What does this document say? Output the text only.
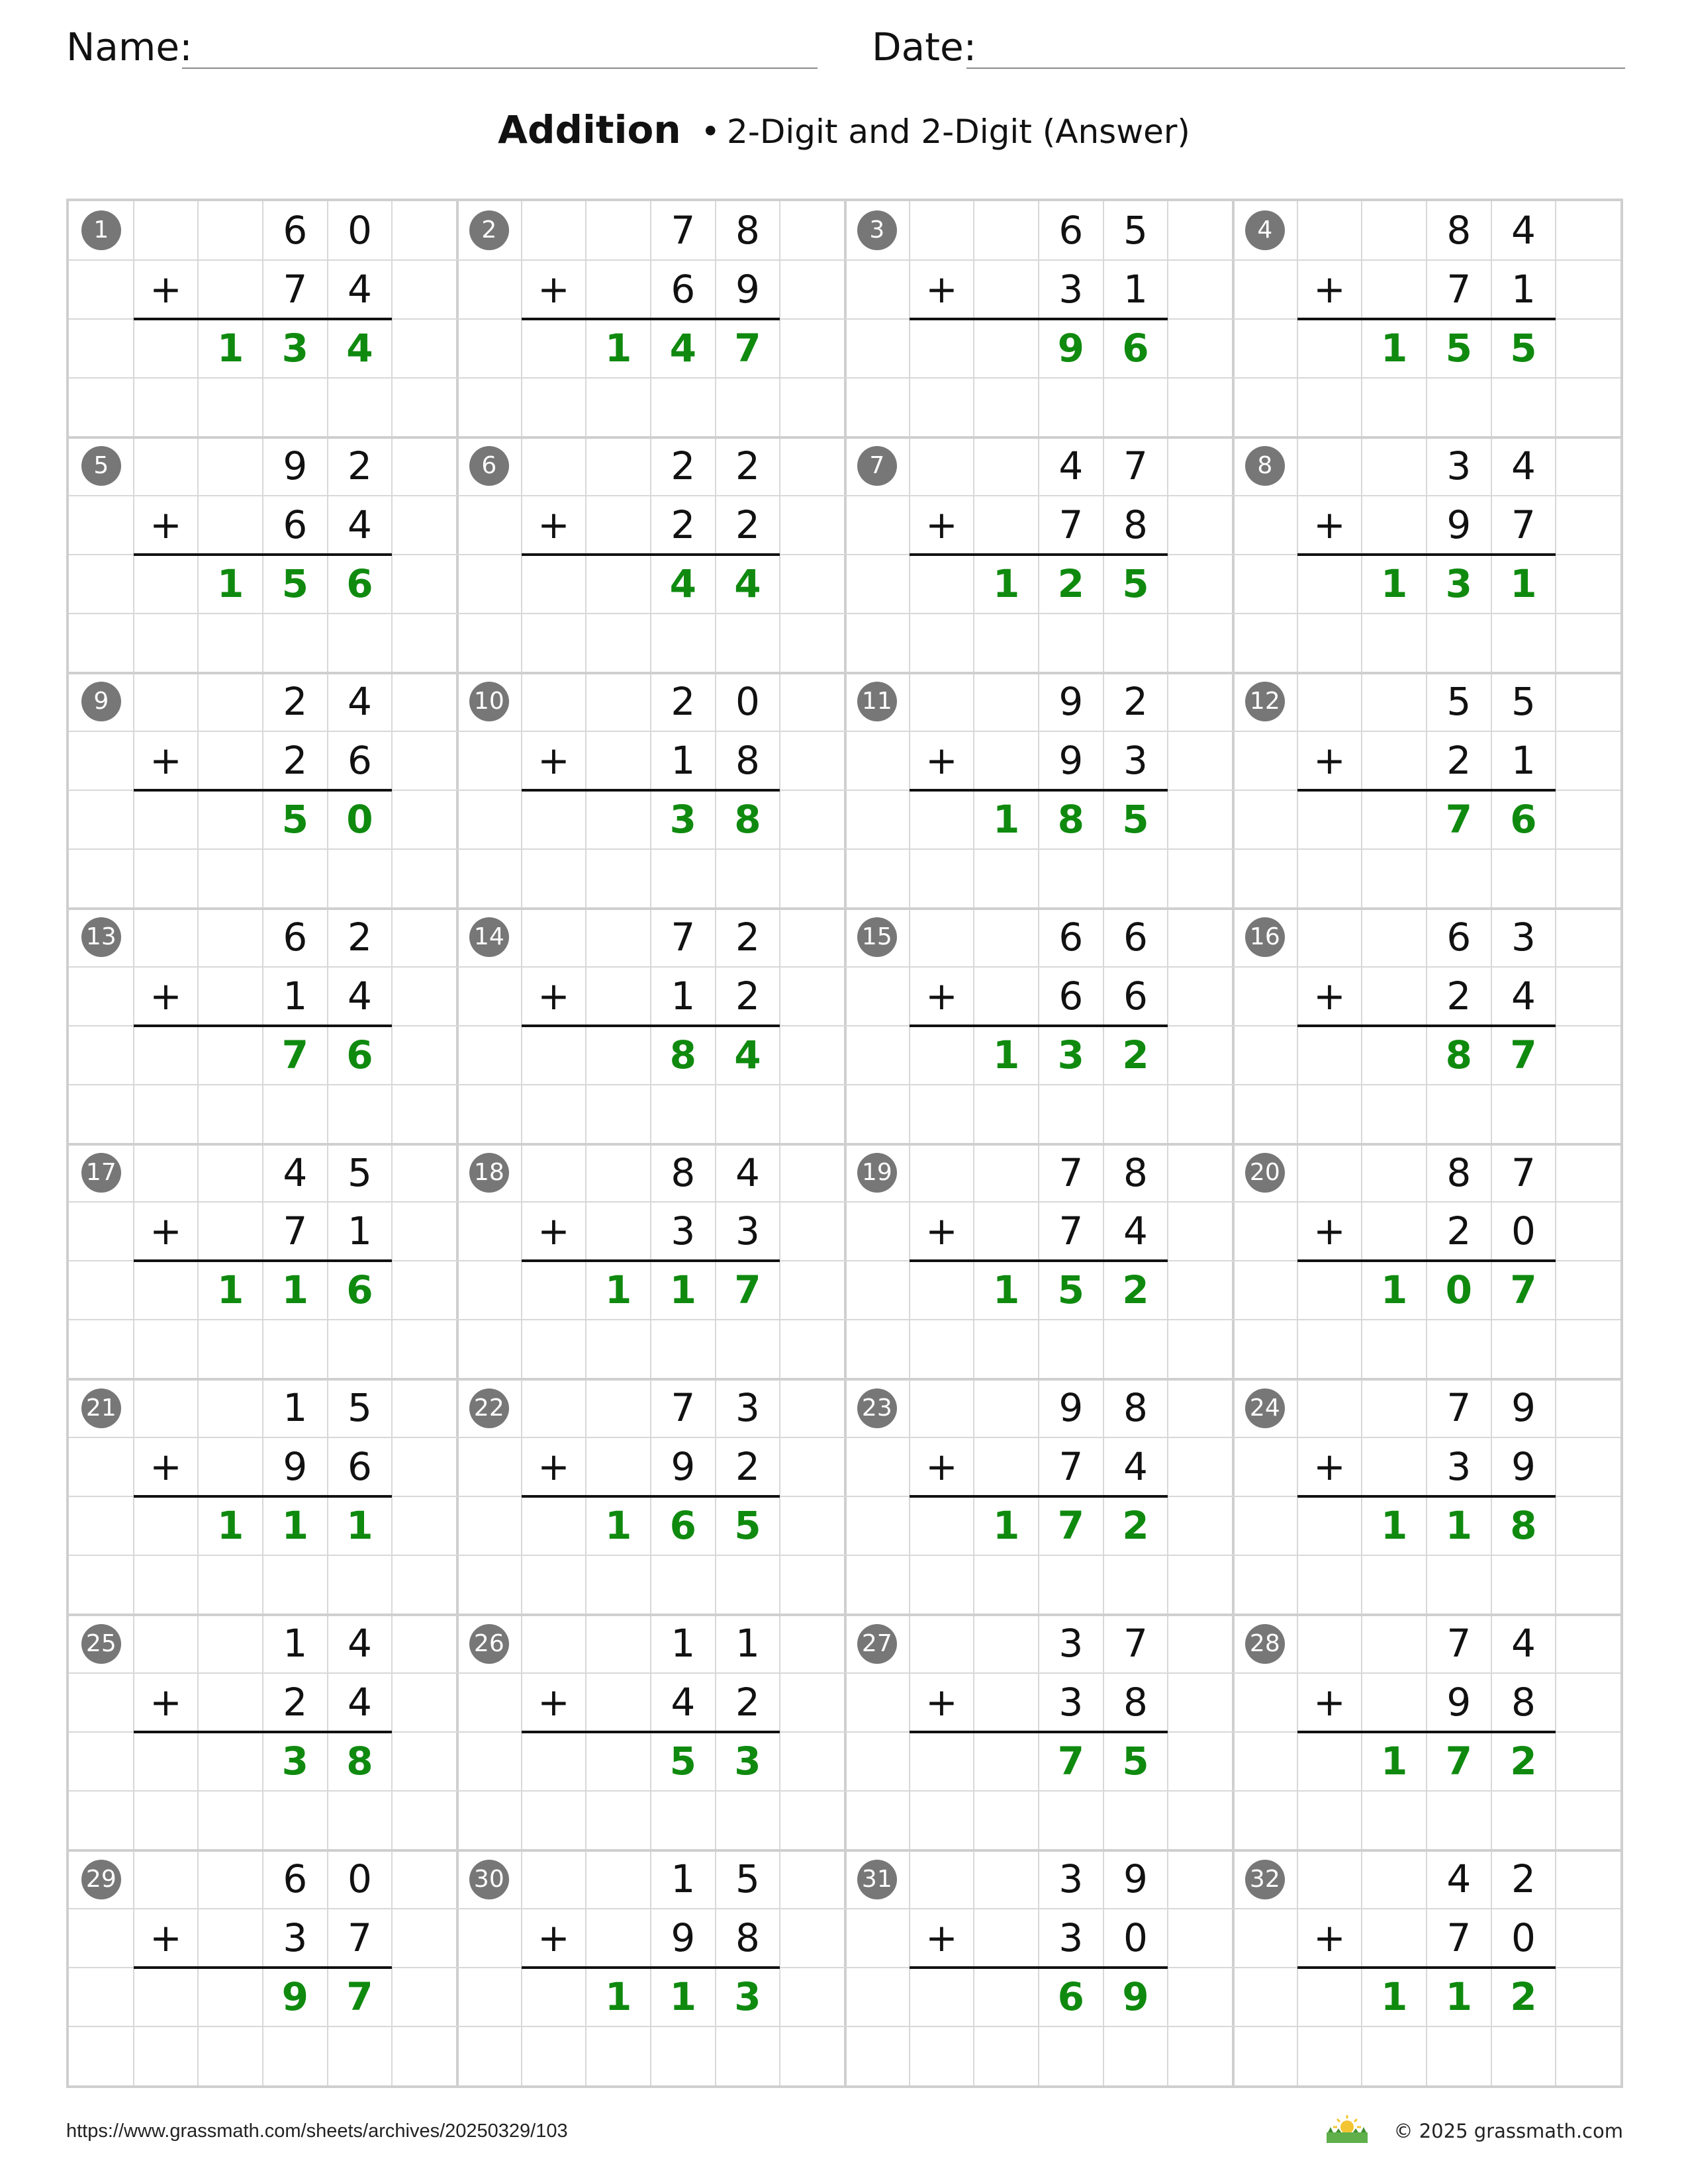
Name:	Date:
Addition • 2-Digit and 2-Digit (Answer)
1	6	0
+	7	4
1 3 4
2	7	8
+	6	9
1 4 7
3	6	5
+	3	1
9 6
4	8	4
+	7	1
1 5 5
5	9	2
+	6	4
1 5 6
6	2	2
+	2	2
4 4
7	4	7
+	7	8
1 2 5
8	3	4
+	9	7
1 3 1
9	2	4
+	2	6
5 0
10	2	0
+	1	8
3 8
11	9	2
+	9	3
1 8 5
12	5	5
+	2	1
7 6
13	6	2
+	1	4
7 6
14	7	2
+	1	2
8 4
15	6	6
+	6	6
1 3 2
16	6	3
+	2	4
8 7
17	4	5
+	7	1
1 1 6
18	8	4
+	3	3
1 1 7
19	7	8
+	7	4
1 5 2
20	8	7
+	2	0
1 0 7
21	1	5
+	9	6
1 1 1
22	7	3
+	9	2
1 6 5
23	9	8
+	7	4
1 7 2
24	7	9
+	3	9
1 1 8
25	1	4
+	2	4
3 8
26	1	1
+	4	2
5 3
27	3	7
+	3	8
7 5
28	7	4
+	9	8
1 7 2
29	6	0
+	3	7
9 7
30	1	5
+	9	8
1 1 3
31	3	9
+	3	0
6 9
32	4	2
+	7	0
1 1 2
https://www.grassmath.com/sheets/archives/20250329/103	© 2025 grassmath.com
